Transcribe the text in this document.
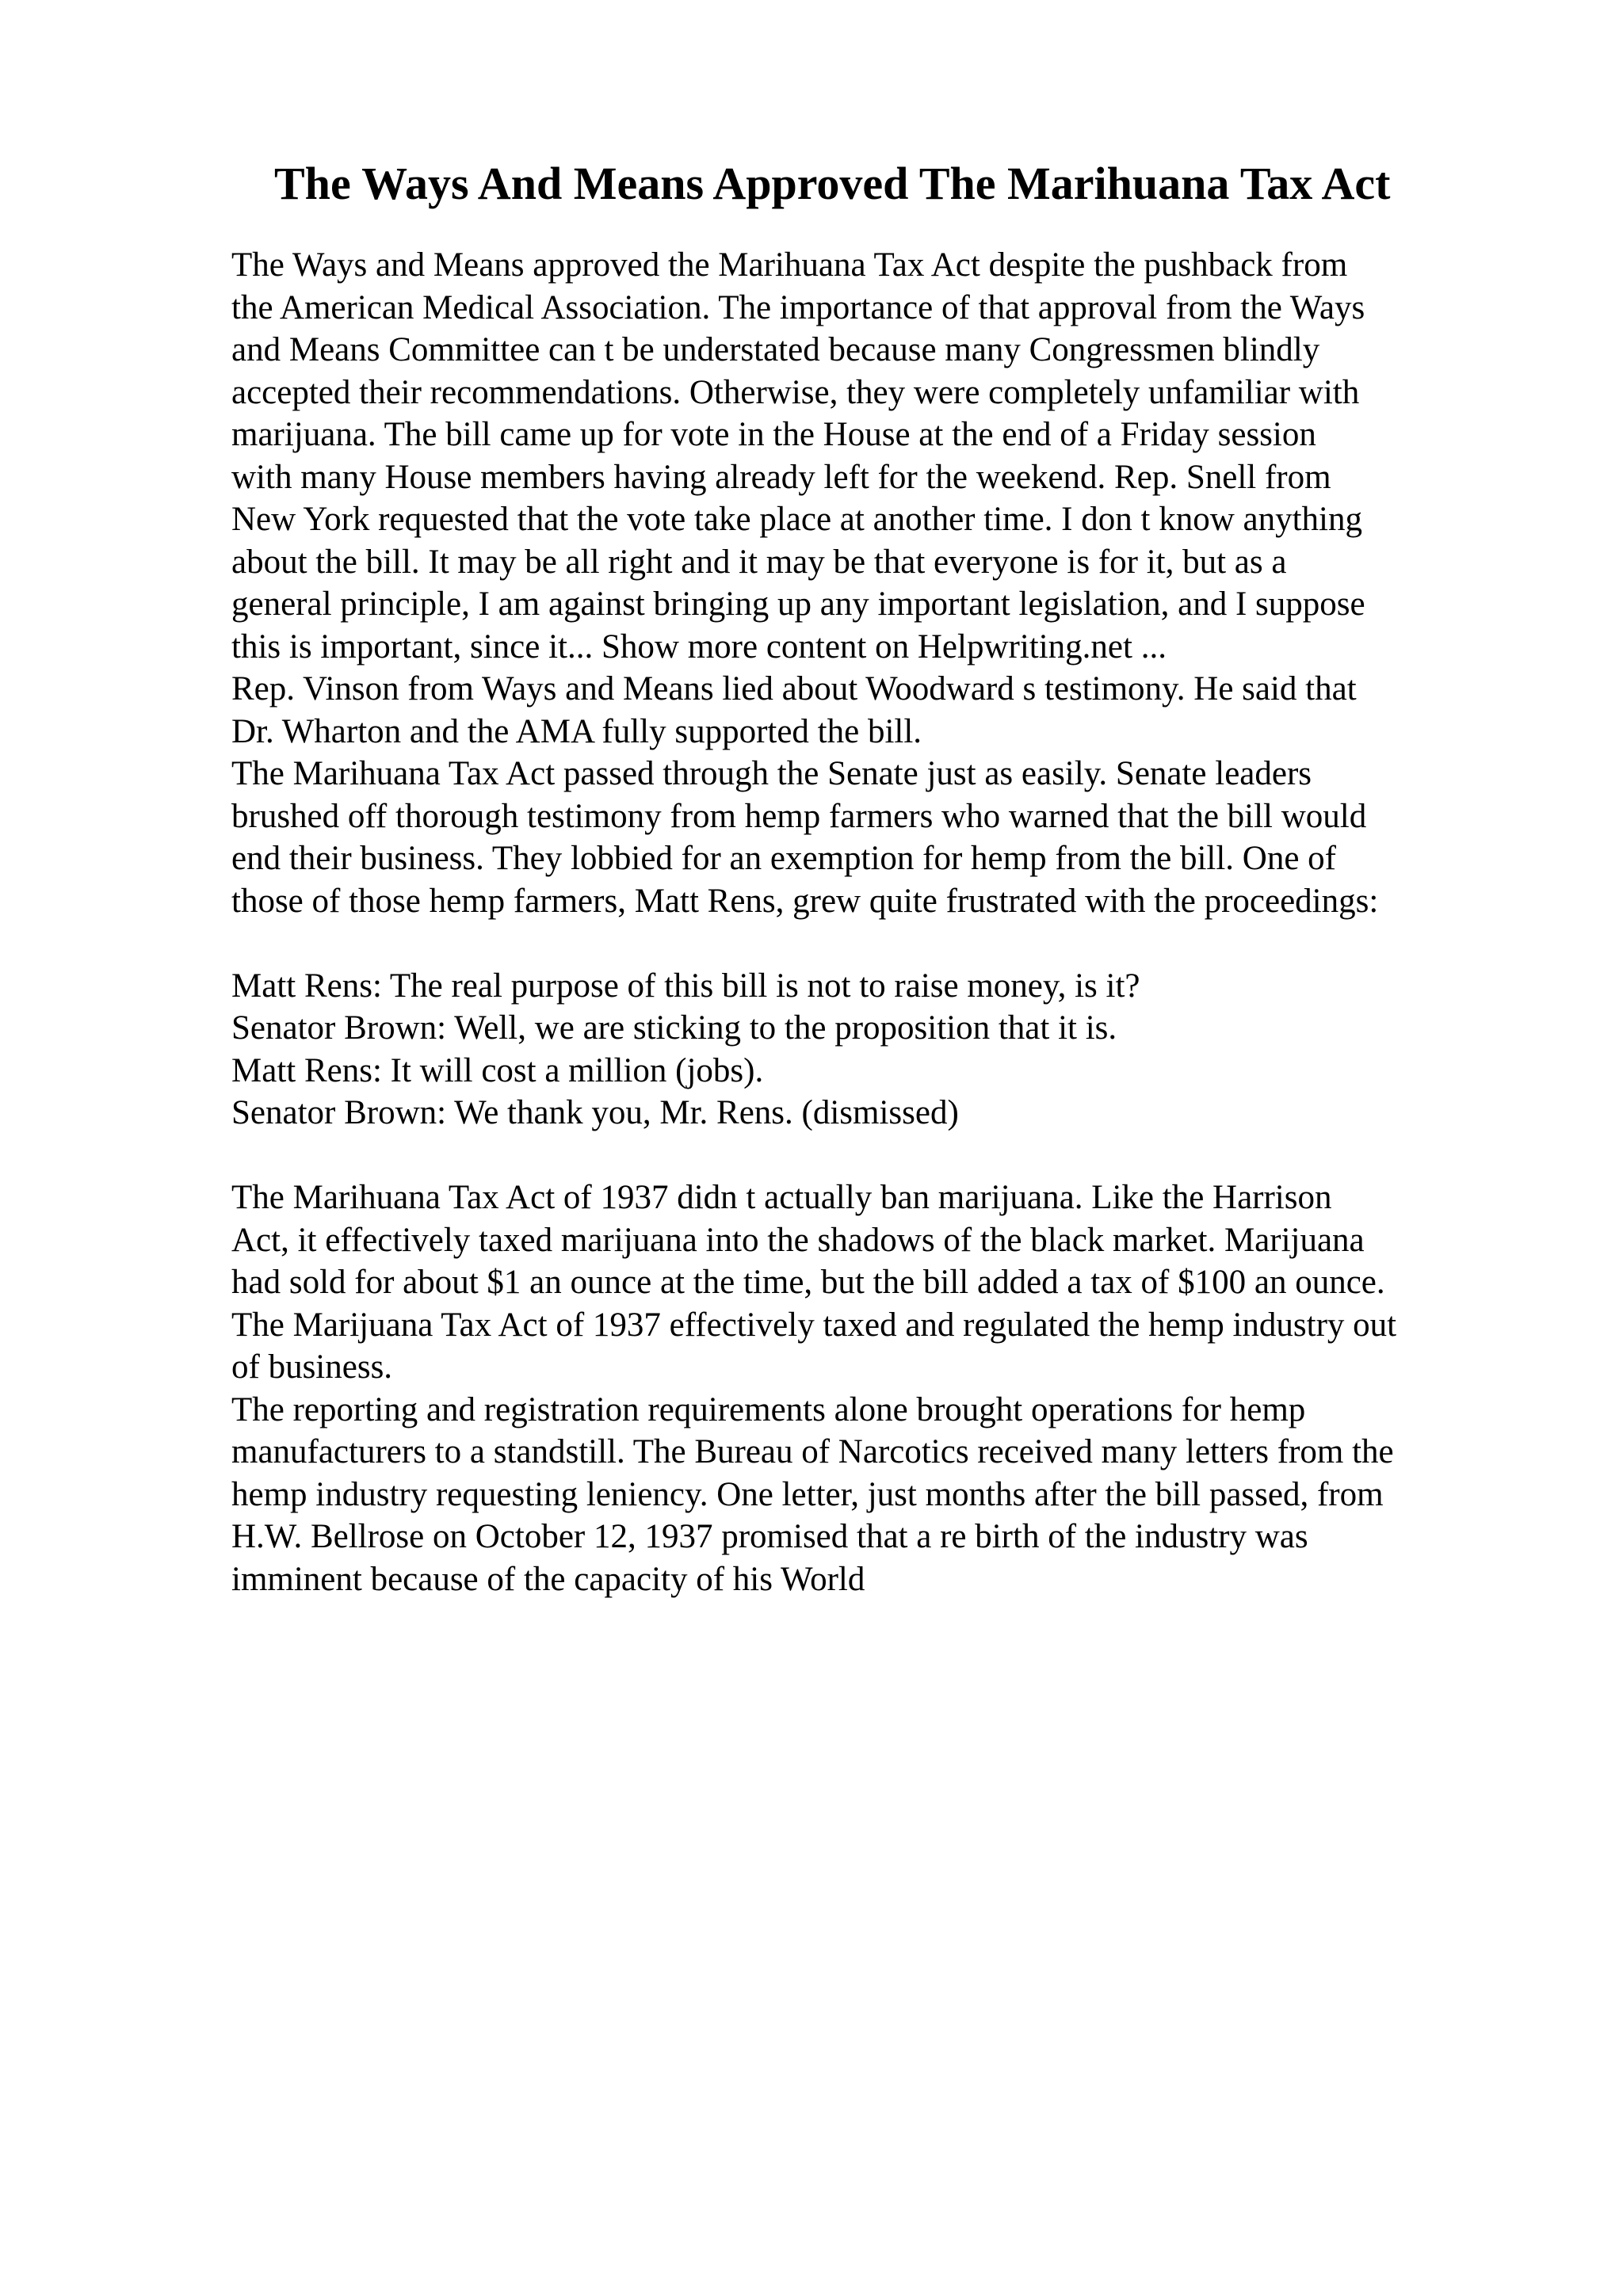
The Ways And Means Approved The Marihuana Tax Act
The Ways and Means approved the Marihuana Tax Act despite the pushback from
the American Medical Association. The importance of that approval from the Ways
and Means Committee can t be understated because many Congressmen blindly
accepted their recommendations. Otherwise, they were completely unfamiliar with
marijuana. The bill came up for vote in the House at the end of a Friday session
with many House members having already left for the weekend. Rep. Snell from
New York requested that the vote take place at another time. I don t know anything
about the bill. It may be all right and it may be that everyone is for it, but as a
general principle, I am against bringing up any important legislation, and I suppose
this is important, since it... Show more content on Helpwriting.net ...
Rep. Vinson from Ways and Means lied about Woodward s testimony. He said that
Dr. Wharton and the AMA fully supported the bill.
The Marihuana Tax Act passed through the Senate just as easily. Senate leaders
brushed off thorough testimony from hemp farmers who warned that the bill would
end their business. They lobbied for an exemption for hemp from the bill. One of
those of those hemp farmers, Matt Rens, grew quite frustrated with the proceedings:
Matt Rens: The real purpose of this bill is not to raise money, is it?
Senator Brown: Well, we are sticking to the proposition that it is.
Matt Rens: It will cost a million (jobs).
Senator Brown: We thank you, Mr. Rens. (dismissed)
The Marihuana Tax Act of 1937 didn t actually ban marijuana. Like the Harrison
Act, it effectively taxed marijuana into the shadows of the black market. Marijuana
had sold for about $1 an ounce at the time, but the bill added a tax of $100 an ounce.
The Marijuana Tax Act of 1937 effectively taxed and regulated the hemp industry out
of business.
The reporting and registration requirements alone brought operations for hemp
manufacturers to a standstill. The Bureau of Narcotics received many letters from the
hemp industry requesting leniency. One letter, just months after the bill passed, from
H.W. Bellrose on October 12, 1937 promised that a re birth of the industry was
imminent because of the capacity of his World
